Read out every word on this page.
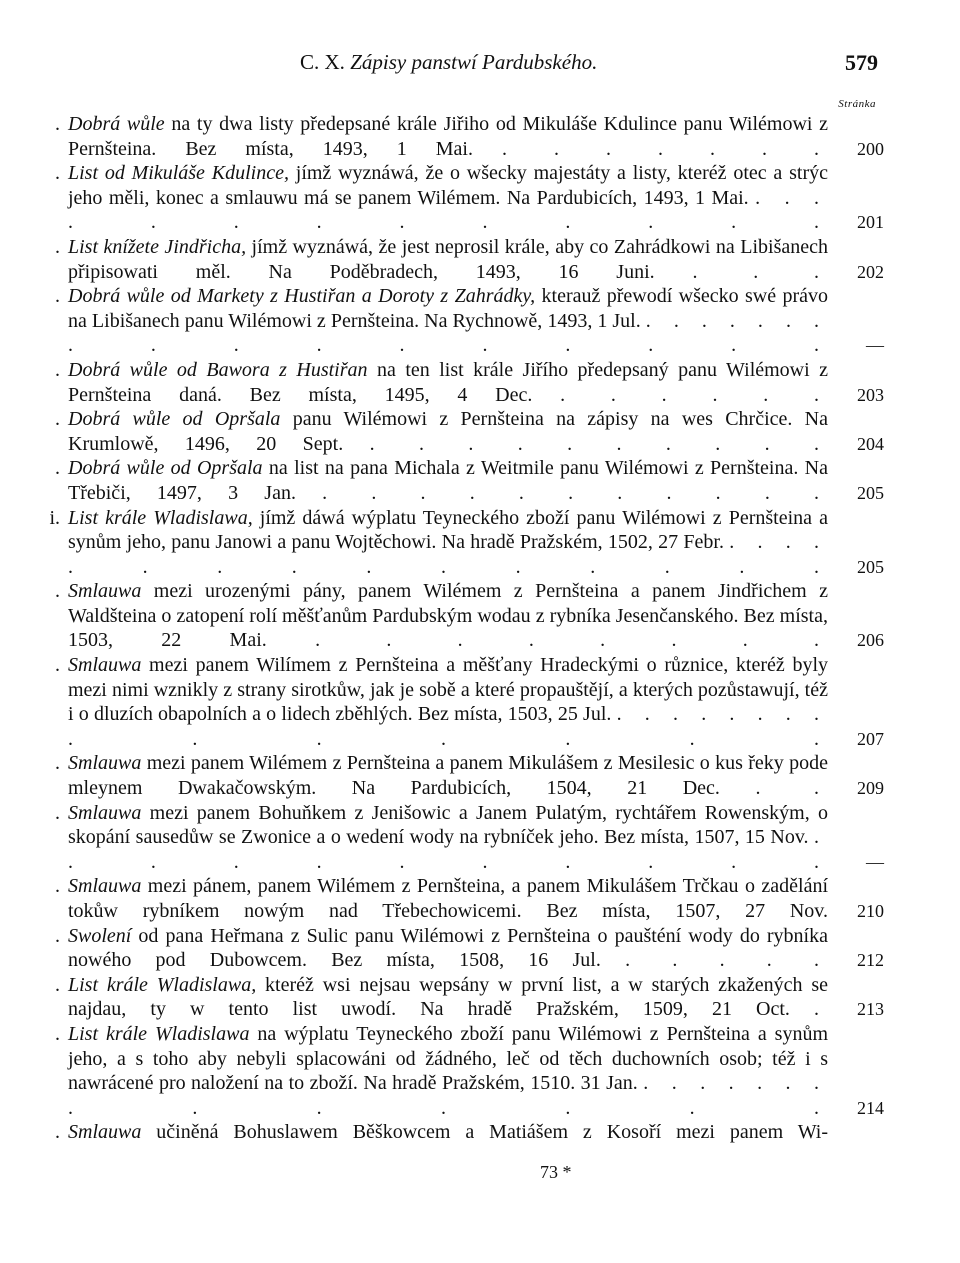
C. X. Zápisy panstwí Pardubského.	579
Stránka
. Dobrá wůle na ty dwa listy předepsané krále Jiřiho od Mikuláše Kdulince panu Wilémowi z Pernšteina. Bez místa, 1493, 1 Mai. . . . . . . .	200
. List od Mikuláše Kdulince, jímž wyznáwá, že o wšecky majestáty a listy, kteréž otec a strýc jeho měli, konec a smlauwu má se panem Wilémem. Na Pardubicích, 1493, 1 Mai. . . . . . . . . . . . . .	201
. List knížete Jindřicha, jímž wyznáwá, že jest neprosil krále, aby co Zahrádkowi na Libišanech připisowati měl. Na Poděbradech, 1493, 16 Juni. . . .	202
. Dobrá wůle od Markety z Hustiřan a Doroty z Zahrádky, kterauž přewodí wšecko swé právo na Libišanech panu Wilémowi z Pernšteina. Na Rychnowě, 1493, 1 Jul. . . . . . . . . . . . . . . . . .	—
. Dobrá wůle od Bawora z Hustiřan na ten list krále Jiřího předepsaný panu Wilémowi z Pernšteina daná. Bez místa, 1495, 4 Dec. . . . . . .	203
. Dobrá wůle od Opršala panu Wilémowi z Pernšteina na zápisy na wes Chrčice. Na Krumlowě, 1496, 20 Sept. . . . . . . . . . .	204
. Dobrá wůle od Opršala na list na pana Michala z Weitmile panu Wilémowi z Pernšteina. Na Třebiči, 1497, 3 Jan. . . . . . . . . . . .	205
i. List krále Wladislawa, jímž dáwá wýplatu Teyneckého zboží panu Wilémowi z Pernšteina a synům jeho, panu Janowi a panu Wojtěchowi. Na hradě Pražském, 1502, 27 Febr. . . . . . . . . . . . . . . .	205
. Smlauwa mezi urozenými pány, panem Wilémem z Pernšteina a panem Jindřichem z Waldšteina o zatopení rolí měšťanům Pardubským wodau z rybníka Jesenčanského. Bez místa, 1503, 22 Mai. . . . . . . . .	206
. Smlauwa mezi panem Wilímem z Pernšteina a měšťany Hradeckými o různice, kteréž byly mezi nimi wznikly z strany sirotkůw, jak je sobě a které propauštějí, a kterých pozůstawují, též i o dluzích obapolních a o lidech zběhlých. Bez místa, 1503, 25 Jul. . . . . . . . . . . . . . . .	207
. Smlauwa mezi panem Wilémem z Pernšteina a panem Mikulášem z Mesilesic o kus řeky pode mleynem Dwakačowským. Na Pardubicích, 1504, 21 Dec. . .	209
. Smlauwa mezi panem Bohuňkem z Jenišowic a Janem Pulatým, rychtářem Rowenským, o skopání sausedůw se Zwonice a o wedení wody na rybníček jeho. Bez místa, 1507, 15 Nov. . . . . . . . . . . .	—
. Smlauwa mezi pánem, panem Wilémem z Pernšteina, a panem Mikulášem Trčkau o zadělání tokůw rybníkem nowým nad Třebechowicemi. Bez místa, 1507, 27 Nov.	210
. Swolení od pana Heřmana z Sulic panu Wilémowi z Pernšteina o paušténí wody do rybníka nowého pod Dubowcem. Bez místa, 1508, 16 Jul. . . . . .	212
. List krále Wladislawa, kteréž wsi nejsau wepsány w první list, a w starých zkažených se najdau, ty w tento list uwodí. Na hradě Pražském, 1509, 21 Oct. .	213
. List krále Wladislawa na wýplatu Teyneckého zboží panu Wilémowi z Pernšteina a synům jeho, a s toho aby nebyli splacowáni od žádného, leč od těch duchowních osob; též i s nawrácené pro naložení na to zboží. Na hradě Pražském, 1510. 31 Jan. . . . . . . . . . . . . . .	214
. Smlauwa učiněná Bohuslawem Běškowcem a Matiášem z Kosoří mezi panem Wi-
73 *
